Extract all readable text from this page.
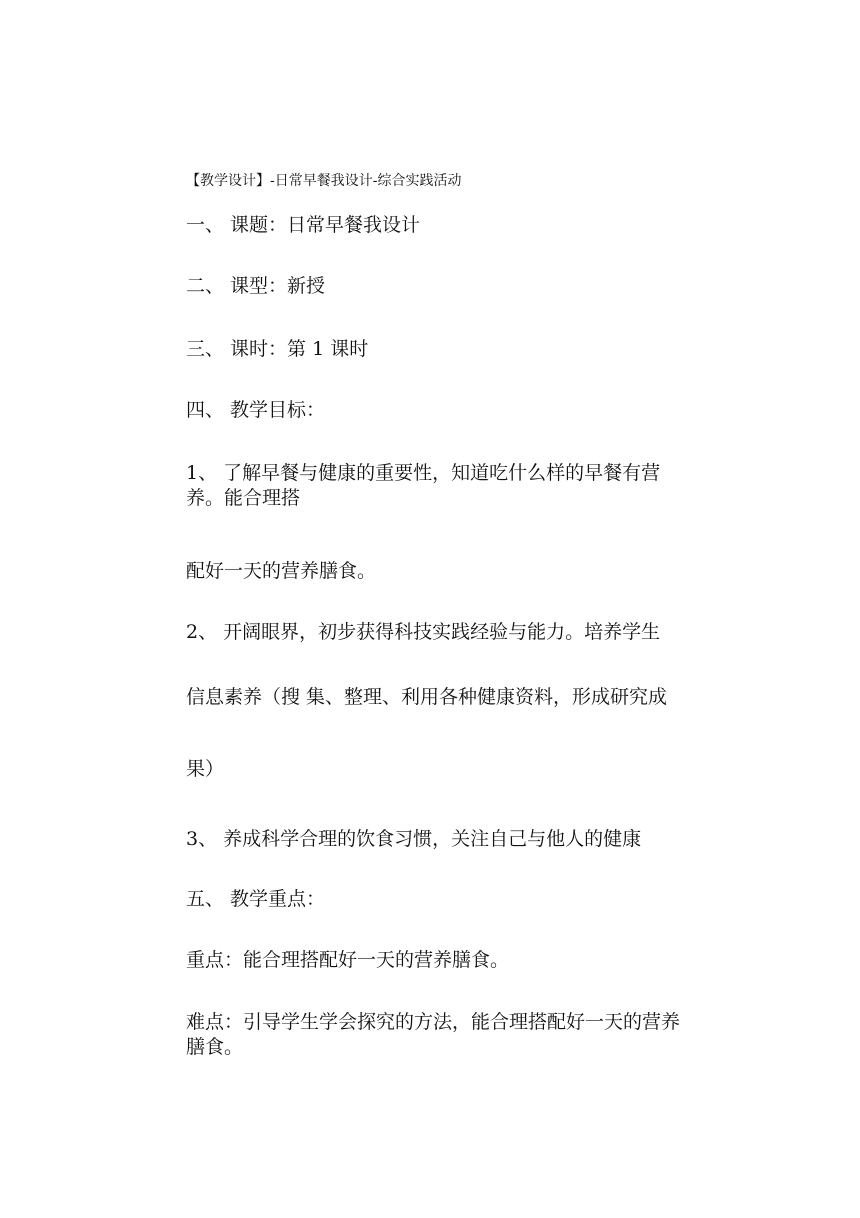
【教学设计】-日常早餐我设计-综合实践活动

一、 课题：日常早餐我设计

二、 课型：新授

三、 课时：第 1 课时

四、 教学目标：

1、 了解早餐与健康的重要性，知道吃什么样的早餐有营养。能合理搭

配好一天的营养膳食。

2、 开阔眼界，初步获得科技实践经验与能力。培养学生

信息素养（搜 集、整理、利用各种健康资料，形成研究成

果）

3、 养成科学合理的饮食习惯，关注自己与他人的健康

五、 教学重点：

重点：能合理搭配好一天的营养膳食。

难点：引导学生学会探究的方法，能合理搭配好一天的营养膳食。
